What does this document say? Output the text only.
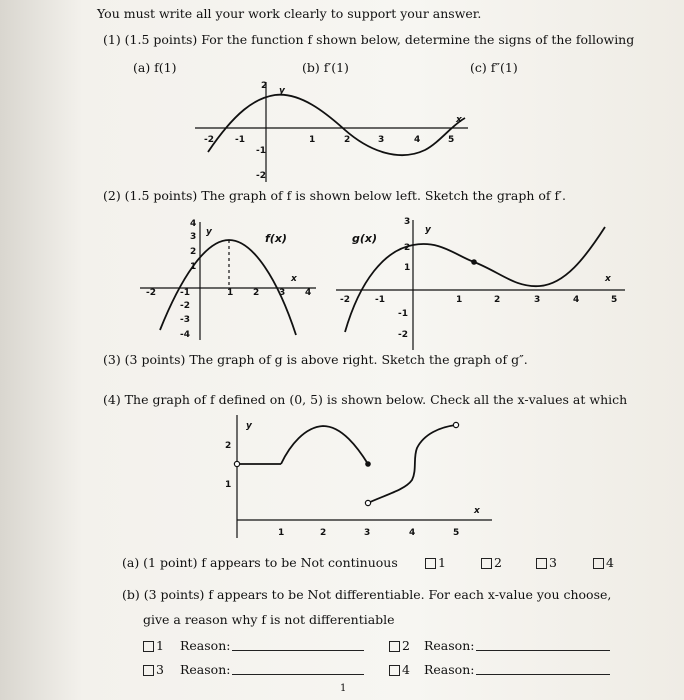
You must write all your work clearly to support your answer.
(1) (1.5 points) For the function f shown below, determine the signs of the following
(a) f(1)	(b) f′(1)	(c) f″(1)
-2 -1	1	2	3	4	5
2
-1
-2
y
x
(2) (1.5 points) The graph of f is shown below left. Sketch the graph of f′.
4
3
2
1
-1
-2
-3
-4
-2	1 2 3 4
y
x
f(x)
3
2
1
-1
-2
-2	-1	1	2	3	4	5
y
x
g(x)
(3) (3 points) The graph of g is above right. Sketch the graph of g″.
(4) The graph of f defined on (0, 5) is shown below. Check all the x-values at which
2
1
1	2	3	4	5
y
x
(a) (1 point) f appears to be Not continuous	1	2	3	4
(b) (3 points) f appears to be Not differentiable. For each x-value you choose,
give a reason why f is not differentiable
1 Reason:	2 Reason:
3 Reason:	4 Reason:
1
